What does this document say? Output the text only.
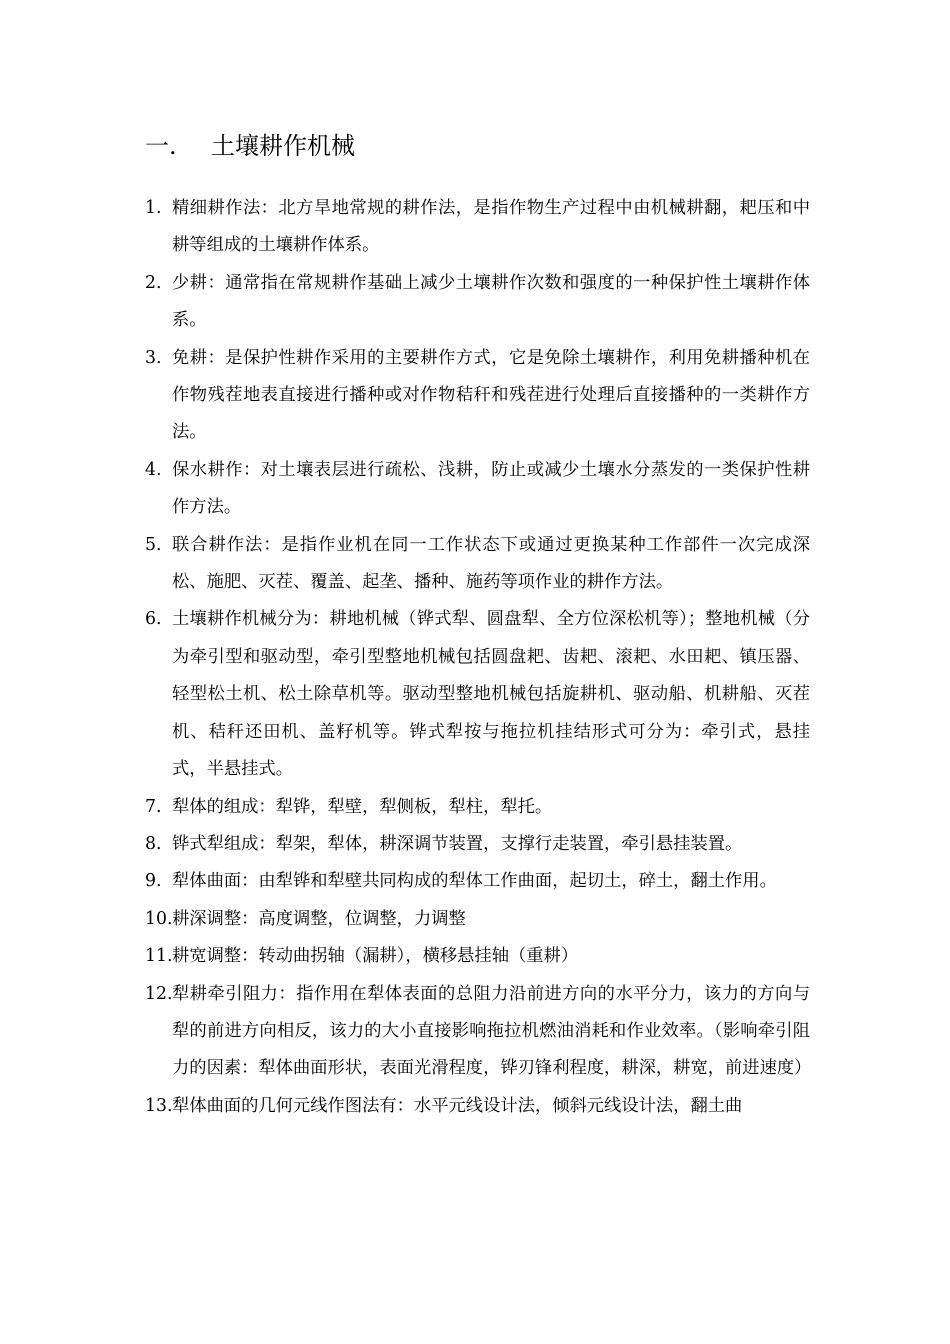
一. 土壤耕作机械
1. 精细耕作法：北方旱地常规的耕作法，是指作物生产过程中由机械耕翻，耙压和中耕等组成的土壤耕作体系。
2. 少耕：通常指在常规耕作基础上减少土壤耕作次数和强度的一种保护性土壤耕作体系。
3. 免耕：是保护性耕作采用的主要耕作方式，它是免除土壤耕作，利用免耕播种机在作物残茬地表直接进行播种或对作物秸秆和残茬进行处理后直接播种的一类耕作方法。
4. 保水耕作：对土壤表层进行疏松、浅耕，防止或减少土壤水分蒸发的一类保护性耕作方法。
5. 联合耕作法：是指作业机在同一工作状态下或通过更换某种工作部件一次完成深松、施肥、灭茬、覆盖、起垄、播种、施药等项作业的耕作方法。
6. 土壤耕作机械分为：耕地机械（铧式犁、圆盘犁、全方位深松机等）；整地机械（分为牵引型和驱动型，牵引型整地机械包括圆盘耙、齿耙、滚耙、水田耙、镇压器、轻型松土机、松土除草机等。驱动型整地机械包括旋耕机、驱动船、机耕船、灭茬机、秸秆还田机、盖籽机等。铧式犁按与拖拉机挂结形式可分为：牵引式，悬挂式，半悬挂式。
7. 犁体的组成：犁铧，犁壁，犁侧板，犁柱，犁托。
8. 铧式犁组成：犁架，犁体，耕深调节装置，支撑行走装置，牵引悬挂装置。
9. 犁体曲面：由犁铧和犁壁共同构成的犁体工作曲面，起切土，碎土，翻土作用。
10. 耕深调整：高度调整，位调整，力调整
11. 耕宽调整：转动曲拐轴（漏耕），横移悬挂轴（重耕）
12. 犁耕牵引阻力：指作用在犁体表面的总阻力沿前进方向的水平分力，该力的方向与犁的前进方向相反，该力的大小直接影响拖拉机燃油消耗和作业效率。（影响牵引阻力的因素：犁体曲面形状，表面光滑程度，铧刃锋利程度，耕深，耕宽，前进速度）
13. 犁体曲面的几何元线作图法有：水平元线设计法，倾斜元线设计法，翻土曲
